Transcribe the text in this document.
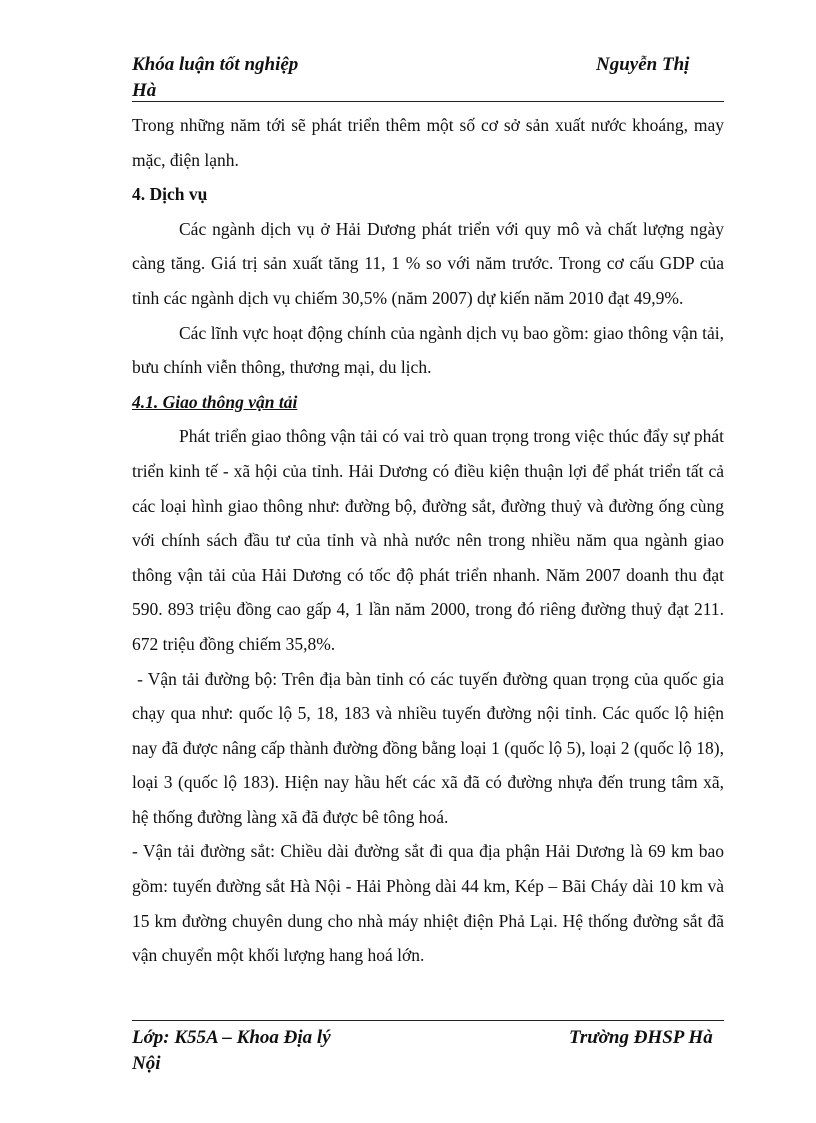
Khóa luận tốt nghiệp
Hà
Nguyễn Thị

Trong những năm tới sẽ phát triển thêm một số cơ sở sản xuất nước khoáng, may mặc, điện lạnh.

4. Dịch vụ

Các ngành dịch vụ ở Hải Dương phát triển với quy mô và chất lượng ngày càng tăng. Giá trị sản xuất tăng 11, 1 % so với năm trước. Trong cơ cấu GDP của tỉnh các ngành dịch vụ chiếm 30,5% (năm 2007) dự kiến năm 2010 đạt 49,9%.

Các lĩnh vực hoạt động chính của ngành dịch vụ bao gồm: giao thông vận tải, bưu chính viễn thông, thương mại, du lịch.

4.1. Giao thông vận tải

Phát triển giao thông vận tải có vai trò quan trọng trong việc thúc đẩy sự phát triển kinh tế - xã hội của tỉnh. Hải Dương có điều kiện thuận lợi để phát triển tất cả các loại hình giao thông như: đường bộ, đường sắt, đường thuỷ và đường ống cùng với chính sách đầu tư của tỉnh và nhà nước nên trong nhiều năm qua ngành giao thông vận tải của Hải Dương có tốc độ phát triển nhanh. Năm 2007 doanh thu đạt 590. 893 triệu đồng cao gấp 4, 1 lần năm 2000, trong đó riêng đường thuỷ đạt 211. 672 triệu đồng chiếm 35,8%.

- Vận tải đường bộ: Trên địa bàn tỉnh có các tuyến đường quan trọng của quốc gia chạy qua như: quốc lộ 5, 18, 183 và nhiều tuyến đường nội tỉnh. Các quốc lộ hiện nay đã được nâng cấp thành đường đồng bằng loại 1 (quốc lộ 5), loại 2 (quốc lộ 18), loại 3 (quốc lộ 183). Hiện nay hầu hết các xã đã có đường nhựa đến trung tâm xã, hệ thống đường làng xã đã được bê tông hoá.

- Vận tải đường sắt: Chiều dài đường sắt đi qua địa phận Hải Dương là 69 km bao gồm: tuyến đường sắt Hà Nội - Hải Phòng dài 44 km, Kép – Bãi Cháy dài 10 km và 15 km đường chuyên dung cho nhà máy nhiệt điện Phả Lại. Hệ thống đường sắt đã vận chuyển một khối lượng hang hoá lớn.

Lớp: K55A – Khoa Địa lý
Nội
Trường ĐHSP Hà
